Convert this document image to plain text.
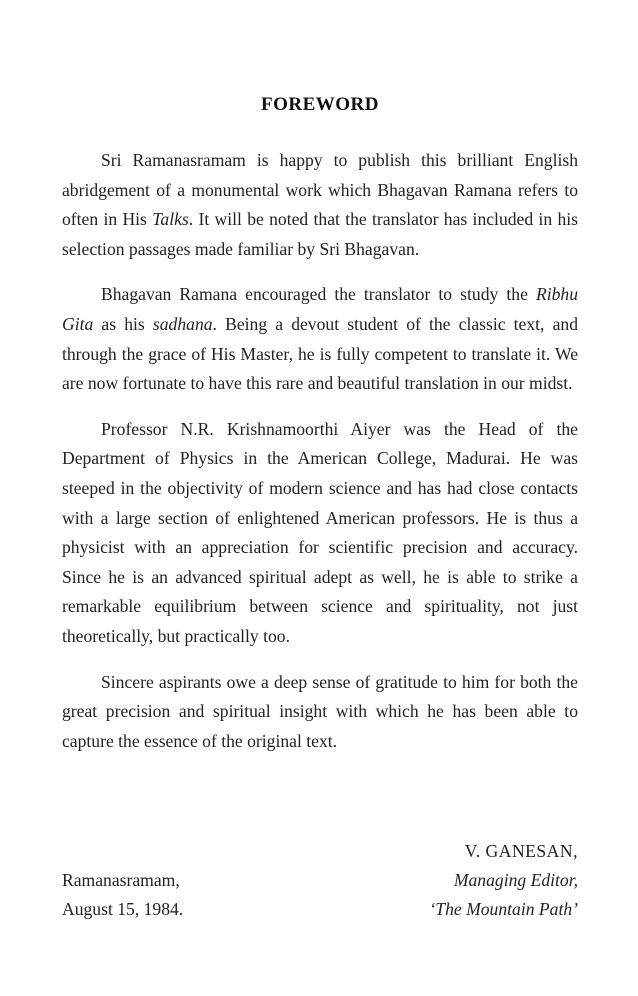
FOREWORD

Sri Ramanasramam is happy to publish this brilliant English abridgement of a monumental work which Bhagavan Ramana refers to often in His Talks. It will be noted that the translator has included in his selection passages made familiar by Sri Bhagavan.

Bhagavan Ramana encouraged the translator to study the Ribhu Gita as his sadhana. Being a devout student of the classic text, and through the grace of His Master, he is fully competent to translate it. We are now fortunate to have this rare and beautiful translation in our midst.

Professor N.R. Krishnamoorthi Aiyer was the Head of the Department of Physics in the American College, Madurai. He was steeped in the objectivity of modern science and has had close contacts with a large section of enlightened American professors. He is thus a physicist with an appreciation for scientific precision and accuracy. Since he is an advanced spiritual adept as well, he is able to strike a remarkable equilibrium between science and spirituality, not just theoretically, but practically too.

Sincere aspirants owe a deep sense of gratitude to him for both the great precision and spiritual insight with which he has been able to capture the essence of the original text.

Ramanasramam,
August 15, 1984.
V. GANESAN,
Managing Editor,
‘The Mountain Path’
